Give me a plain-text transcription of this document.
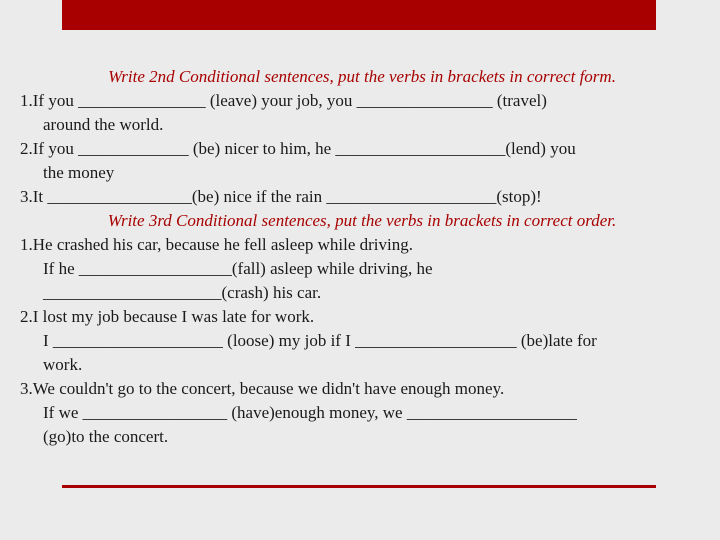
Write 2nd Conditional sentences, put the verbs in brackets in correct form.
1.If you _______________ (leave) your job, you ________________ (travel)
around the world.
2.If you _____________ (be) nicer to him, he ____________________(lend) you
the money
3.It _________________(be) nice if the rain ____________________(stop)!
Write 3rd Conditional sentences, put the verbs in brackets in correct order.
1.He crashed his car, because he fell asleep while driving.
If he __________________(fall) asleep while driving, he
_____________________(crash) his car.
2.I lost my job because I was late for work.
I ____________________ (loose) my job if I ___________________ (be)late for
work.
3.We couldn't go to the concert, because we didn't have enough money.
If we _________________ (have)enough money, we ____________________
(go)to the concert.
